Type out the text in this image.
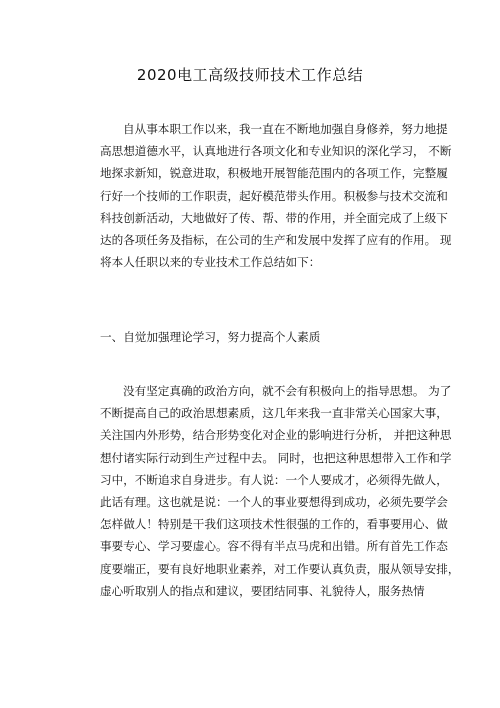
2020电工高级技师技术工作总结
自从事本职工作以来，我一直在不断地加强自身修养，努力地提
高思想道德水平，认真地进行各项文化和专业知识的深化学习， 不断
地探求新知，锐意进取，积极地开展智能范围内的各项工作，完整履
行好一个技师的工作职责，起好模范带头作用。积极参与技术交流和
科技创新活动，大地做好了传、帮、带的作用，并全面完成了上级下
达的各项任务及指标，在公司的生产和发展中发挥了应有的作用。 现
将本人任职以来的专业技术工作总结如下：
一、自觉加强理论学习，努力提高个人素质
没有坚定真确的政治方向，就不会有积极向上的指导思想。 为了
不断提高自己的政治思想素质，这几年来我一直非常关心国家大事，
关注国内外形势，结合形势变化对企业的影响进行分析， 并把这种思
想付诸实际行动到生产过程中去。 同时，也把这种思想带入工作和学
习中，不断追求自身进步。有人说：一个人要成才，必须得先做人，
此话有理。这也就是说：一个人的事业要想得到成功，必须先要学会
怎样做人！特别是干我们这项技术性很强的工作的，看事要用心、做
事要专心、学习要虚心。容不得有半点马虎和出错。所有首先工作态
度要端正，要有良好地职业素养，对工作要认真负责，服从领导安排，
虚心听取别人的指点和建议，要团结同事、礼貌待人，服务热情
